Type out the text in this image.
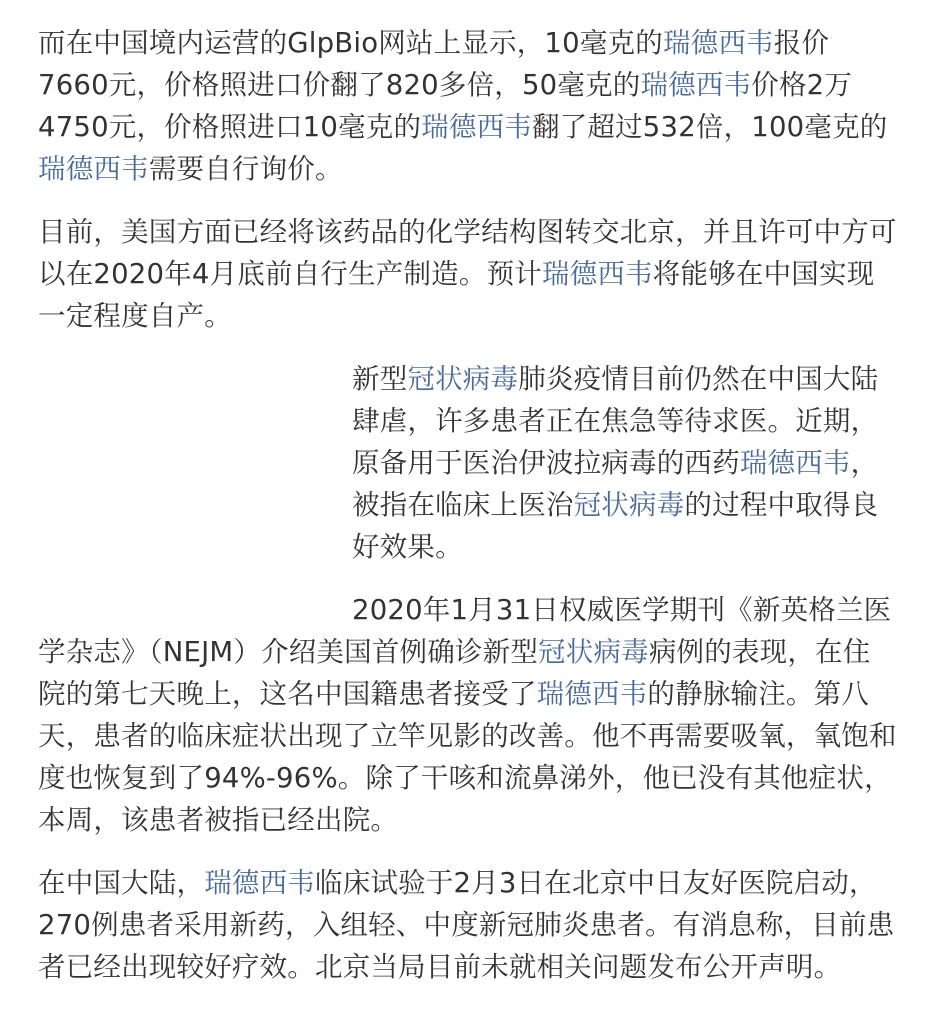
而在中国境内运营的GlpBio网站上显示，10毫克的瑞德西韦报价7660元，价格照进口价翻了820多倍，50毫克的瑞德西韦价格2万4750元，价格照进口10毫克的瑞德西韦翻了超过532倍，100毫克的瑞德西韦需要自行询价。

目前，美国方面已经将该药品的化学结构图转交北京，并且许可中方可以在2020年4月底前自行生产制造。预计瑞德西韦将能够在中国实现一定程度自产。

新型冠状病毒肺炎疫情目前仍然在中国大陆肆虐，许多患者正在焦急等待求医。近期，原备用于医治伊波拉病毒的西药瑞德西韦，被指在临床上医治冠状病毒的过程中取得良好效果。

2020年1月31日权威医学期刊《新英格兰医学杂志》（NEJM）介绍美国首例确诊新型冠状病毒病例的表现，在住院的第七天晚上，这名中国籍患者接受了瑞德西韦的静脉输注。第八天，患者的临床症状出现了立竿见影的改善。他不再需要吸氧，氧饱和度也恢复到了94%-96%。除了干咳和流鼻涕外，他已没有其他症状，本周，该患者被指已经出院。

在中国大陆，瑞德西韦临床试验于2月3日在北京中日友好医院启动，270例患者采用新药，入组轻、中度新冠肺炎患者。有消息称，目前患者已经出现较好疗效。北京当局目前未就相关问题发布公开声明。
